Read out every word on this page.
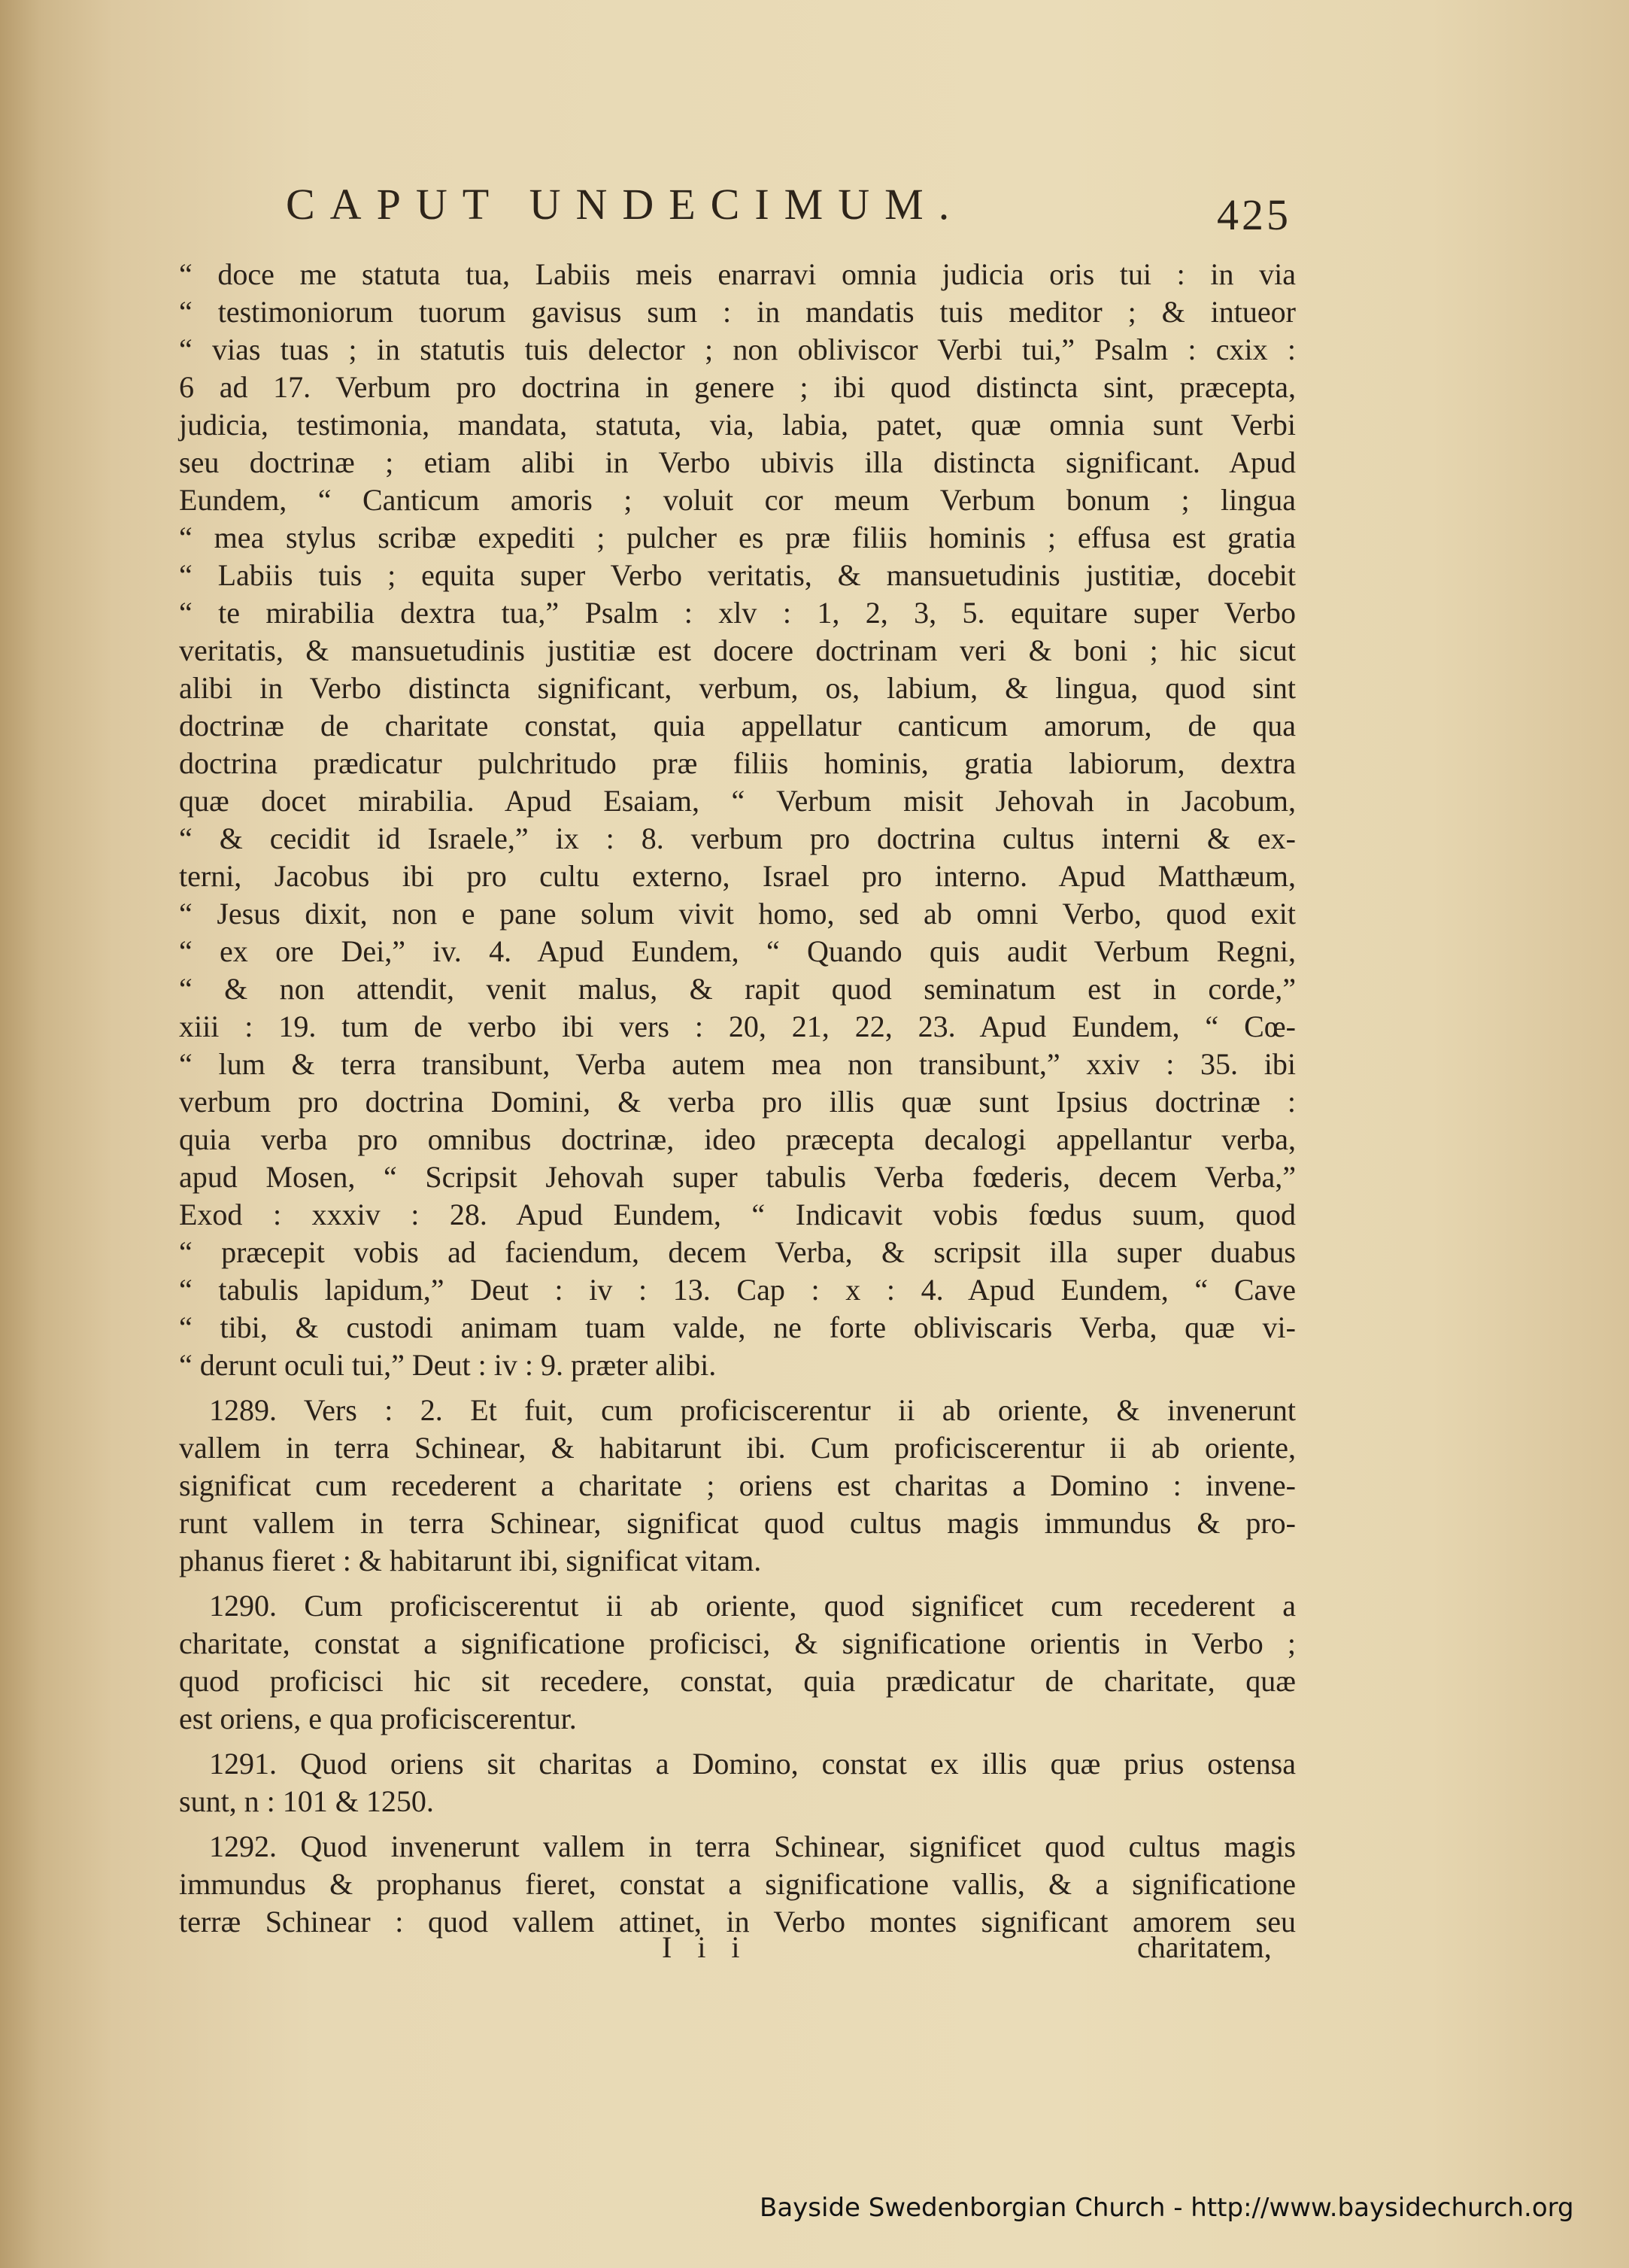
CAPUT UNDECIMUM.	425
“ doce me statuta tua, Labiis meis enarravi omnia judicia oris tui : in via
“ testimoniorum tuorum gavisus sum : in mandatis tuis meditor ; & intueor
“ vias tuas ; in statutis tuis delector ; non obliviscor Verbi tui,” Psalm : cxix :
6 ad 17. Verbum pro doctrina in genere ; ibi quod distincta sint, præcepta,
judicia, testimonia, mandata, statuta, via, labia, patet, quæ omnia sunt Verbi
seu doctrinæ ; etiam alibi in Verbo ubivis illa distincta significant. Apud
Eundem, “ Canticum amoris ; voluit cor meum Verbum bonum ; lingua
“ mea stylus scribæ expediti ; pulcher es præ filiis hominis ; effusa est gratia
“ Labiis tuis ; equita super Verbo veritatis, & mansuetudinis justitiæ, docebit
“ te mirabilia dextra tua,” Psalm : xlv : 1, 2, 3, 5. equitare super Verbo
veritatis, & mansuetudinis justitiæ est docere doctrinam veri & boni ; hic sicut
alibi in Verbo distincta significant, verbum, os, labium, & lingua, quod sint
doctrinæ de charitate constat, quia appellatur canticum amorum, de qua
doctrina prædicatur pulchritudo præ filiis hominis, gratia labiorum, dextra
quæ docet mirabilia. Apud Esaiam, “ Verbum misit Jehovah in Jacobum,
“ & cecidit id Israele,” ix : 8. verbum pro doctrina cultus interni & ex-
terni, Jacobus ibi pro cultu externo, Israel pro interno. Apud Matthæum,
“ Jesus dixit, non e pane solum vivit homo, sed ab omni Verbo, quod exit
“ ex ore Dei,” iv. 4. Apud Eundem, “ Quando quis audit Verbum Regni,
“ & non attendit, venit malus, & rapit quod seminatum est in corde,”
xiii : 19. tum de verbo ibi vers : 20, 21, 22, 23. Apud Eundem, “ Cœ-
“ lum & terra transibunt, Verba autem mea non transibunt,” xxiv : 35. ibi
verbum pro doctrina Domini, & verba pro illis quæ sunt Ipsius doctrinæ :
quia verba pro omnibus doctrinæ, ideo præcepta decalogi appellantur verba,
apud Mosen, “ Scripsit Jehovah super tabulis Verba fœderis, decem Verba,”
Exod : xxxiv : 28. Apud Eundem, “ Indicavit vobis fœdus suum, quod
“ præcepit vobis ad faciendum, decem Verba, & scripsit illa super duabus
“ tabulis lapidum,” Deut : iv : 13. Cap : x : 4. Apud Eundem, “ Cave
“ tibi, & custodi animam tuam valde, ne forte obliviscaris Verba, quæ vi-
“ derunt oculi tui,” Deut : iv : 9. præter alibi.
1289. Vers : 2. Et fuit, cum proficiscerentur ii ab oriente, & invenerunt
vallem in terra Schinear, & habitarunt ibi. Cum proficiscerentur ii ab oriente,
significat cum recederent a charitate ; oriens est charitas a Domino : invene-
runt vallem in terra Schinear, significat quod cultus magis immundus & pro-
phanus fieret : & habitarunt ibi, significat vitam.
1290. Cum proficiscerentut ii ab oriente, quod significet cum recederent a
charitate, constat a significatione proficisci, & significatione orientis in Verbo ;
quod proficisci hic sit recedere, constat, quia prædicatur de charitate, quæ
est oriens, e qua proficiscerentur.
1291. Quod oriens sit charitas a Domino, constat ex illis quæ prius ostensa
sunt, n : 101 & 1250.
1292. Quod invenerunt vallem in terra Schinear, significet quod cultus magis
immundus & prophanus fieret, constat a significatione vallis, & a significatione
terræ Schinear : quod vallem attinet, in Verbo montes significant amorem seu
I i i	charitatem,
Bayside Swedenborgian Church - http://www.baysidechurch.org
